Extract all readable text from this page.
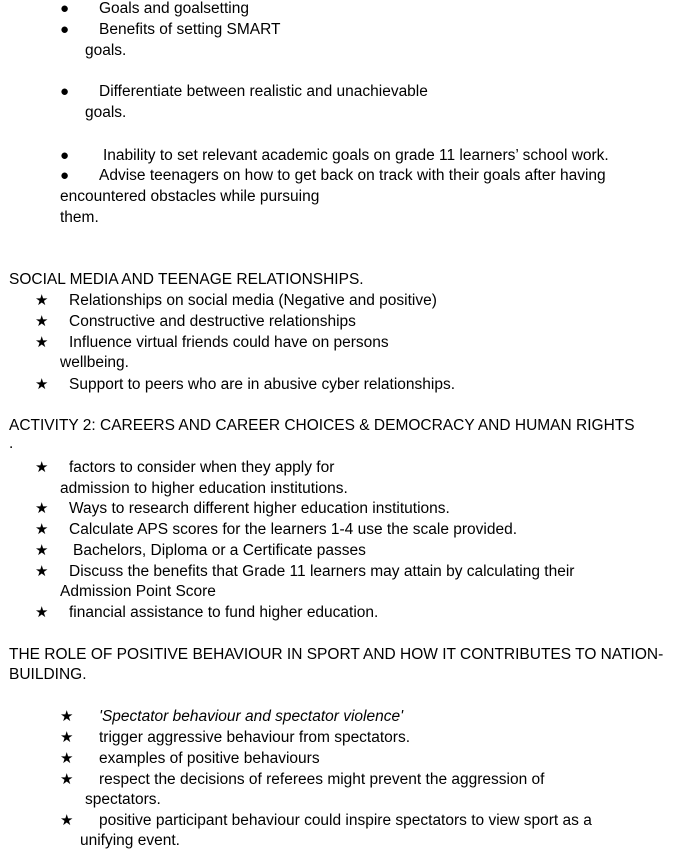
● Goals and goalsetting
● Benefits of setting SMART
goals.
● Differentiate between realistic and unachievable
goals.
● Inability to set relevant academic goals on grade 11 learners’ school work.
● Advise teenagers on how to get back on track with their goals after having
encountered obstacles while pursuing
them.
SOCIAL MEDIA AND TEENAGE RELATIONSHIPS.
★ Relationships on social media (Negative and positive)
★ Constructive and destructive relationships
★ Influence virtual friends could have on persons
wellbeing.
★ Support to peers who are in abusive cyber relationships.
ACTIVITY 2: CAREERS AND CAREER CHOICES & DEMOCRACY AND HUMAN RIGHTS
.
★ factors to consider when they apply for
admission to higher education institutions.
★ Ways to research different higher education institutions.
★ Calculate APS scores for the learners 1-4 use the scale provided.
★ Bachelors, Diploma or a Certificate passes
★ Discuss the benefits that Grade 11 learners may attain by calculating their
Admission Point Score
★ financial assistance to fund higher education.
THE ROLE OF POSITIVE BEHAVIOUR IN SPORT AND HOW IT CONTRIBUTES TO NATION-
BUILDING.
★ 'Spectator behaviour and spectator violence'
★ trigger aggressive behaviour from spectators.
★ examples of positive behaviours
★ respect the decisions of referees might prevent the aggression of
spectators.
★ positive participant behaviour could inspire spectators to view sport as a
unifying event.
